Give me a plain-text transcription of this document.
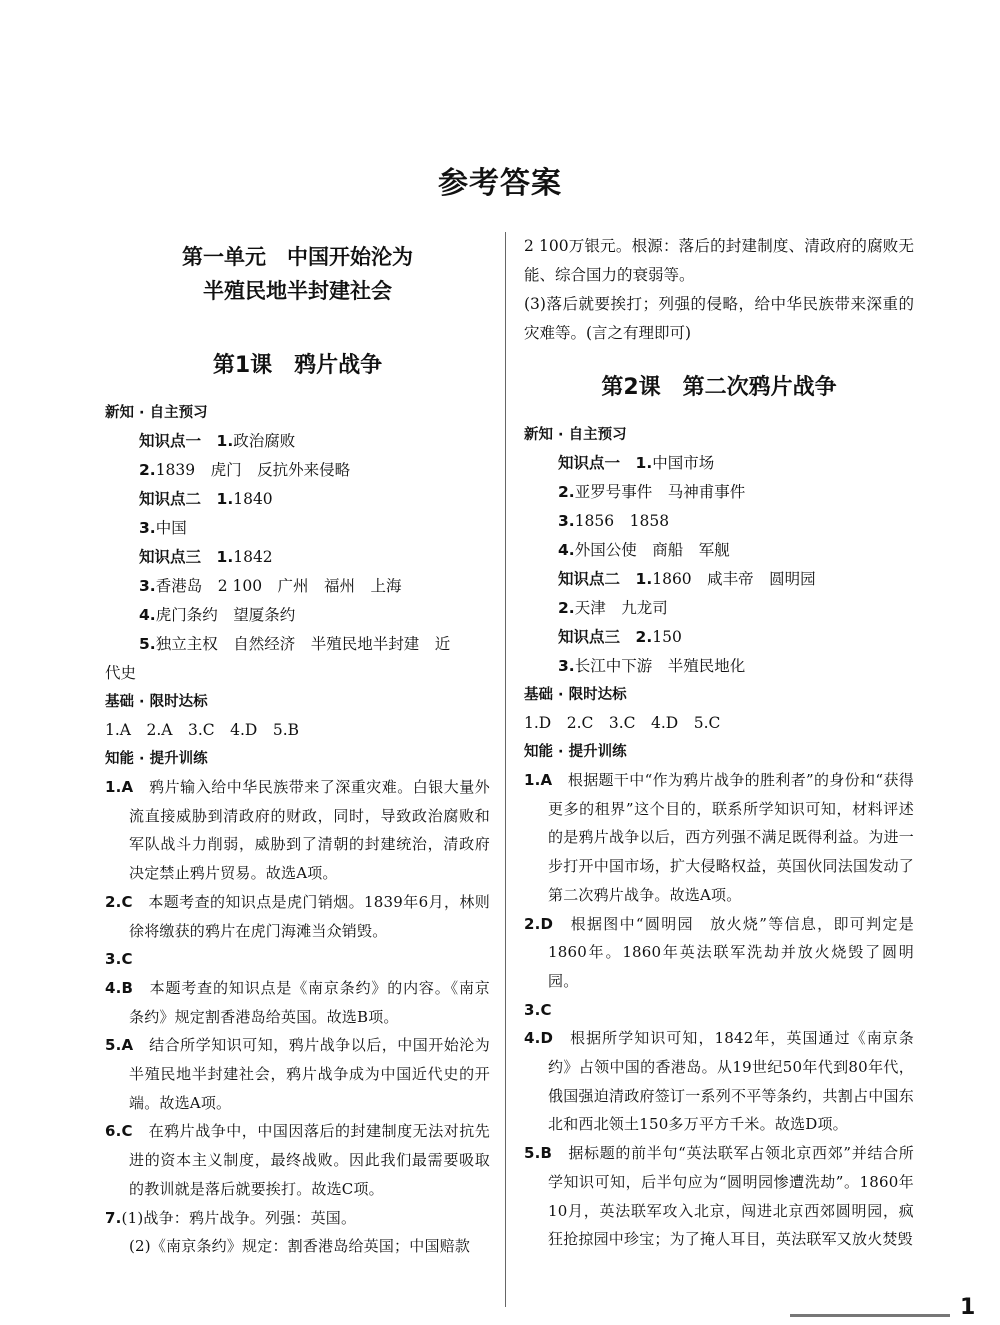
参考答案
第一单元　中国开始沦为
半殖民地半封建社会
第1课　鸦片战争
新知 · 自主预习
知识点一　 1.政治腐败
2.1839　虎门　反抗外来侵略
知识点二　 1.1840
3.中国
知识点三　 1.1842
3.香港岛　2 100　广州　福州　上海
4.虎门条约　望厦条约
5.独立主权　自然经济　半殖民地半封建　近
代史
基础 · 限时达标
1.A　2.A　3.C　4.D　5.B
知能 · 提升训练
1.A　鸦片输入给中华民族带来了深重灾难。白银大量外流直接威胁到清政府的财政，同时，导致政治腐败和军队战斗力削弱，威胁到了清朝的封建统治，清政府决定禁止鸦片贸易。故选A项。
2.C　本题考查的知识点是虎门销烟。1839年6月，林则徐将缴获的鸦片在虎门海滩当众销毁。
3.C
4.B　本题考查的知识点是《南京条约》的内容。《南京条约》规定割香港岛给英国。故选B项。
5.A　结合所学知识可知，鸦片战争以后，中国开始沦为半殖民地半封建社会，鸦片战争成为中国近代史的开端。故选A项。
6.C　在鸦片战争中，中国因落后的封建制度无法对抗先进的资本主义制度，最终战败。因此我们最需要吸取的教训就是落后就要挨打。故选C项。
7.(1)战争：鸦片战争。列强：英国。
(2)《南京条约》规定：割香港岛给英国；中国赔款
2 100万银元。根源：落后的封建制度、清政府的腐败无能、综合国力的衰弱等。
(3)落后就要挨打；列强的侵略，给中华民族带来深重的灾难等。(言之有理即可)
第2课　第二次鸦片战争
新知 · 自主预习
知识点一　 1.中国市场
2.亚罗号事件　马神甫事件
3.1856　1858
4.外国公使　商船　军舰
知识点二　 1.1860　咸丰帝　圆明园
2.天津　九龙司
知识点三　 2.150
3.长江中下游　半殖民地化
基础 · 限时达标
1.D　2.C　3.C　4.D　5.C
知能 · 提升训练
1.A　根据题干中“作为鸦片战争的胜利者”的身份和“获得更多的租界”这个目的，联系所学知识可知，材料评述的是鸦片战争以后，西方列强不满足既得利益。为进一步打开中国市场，扩大侵略权益，英国伙同法国发动了第二次鸦片战争。故选A项。
2.D　根据图中“圆明园　放火烧”等信息，即可判定是1860年。1860年英法联军洗劫并放火烧毁了圆明园。
3.C
4.D　根据所学知识可知，1842年，英国通过《南京条约》占领中国的香港岛。从19世纪50年代到80年代，俄国强迫清政府签订一系列不平等条约，共割占中国东北和西北领土150多万平方千米。故选D项。
5.B　据标题的前半句“英法联军占领北京西郊”并结合所学知识可知，后半句应为“圆明园惨遭洗劫”。1860年10月，英法联军攻入北京，闯进北京西郊圆明园，疯狂抢掠园中珍宝；为了掩人耳目，英法联军又放火焚毁
1
